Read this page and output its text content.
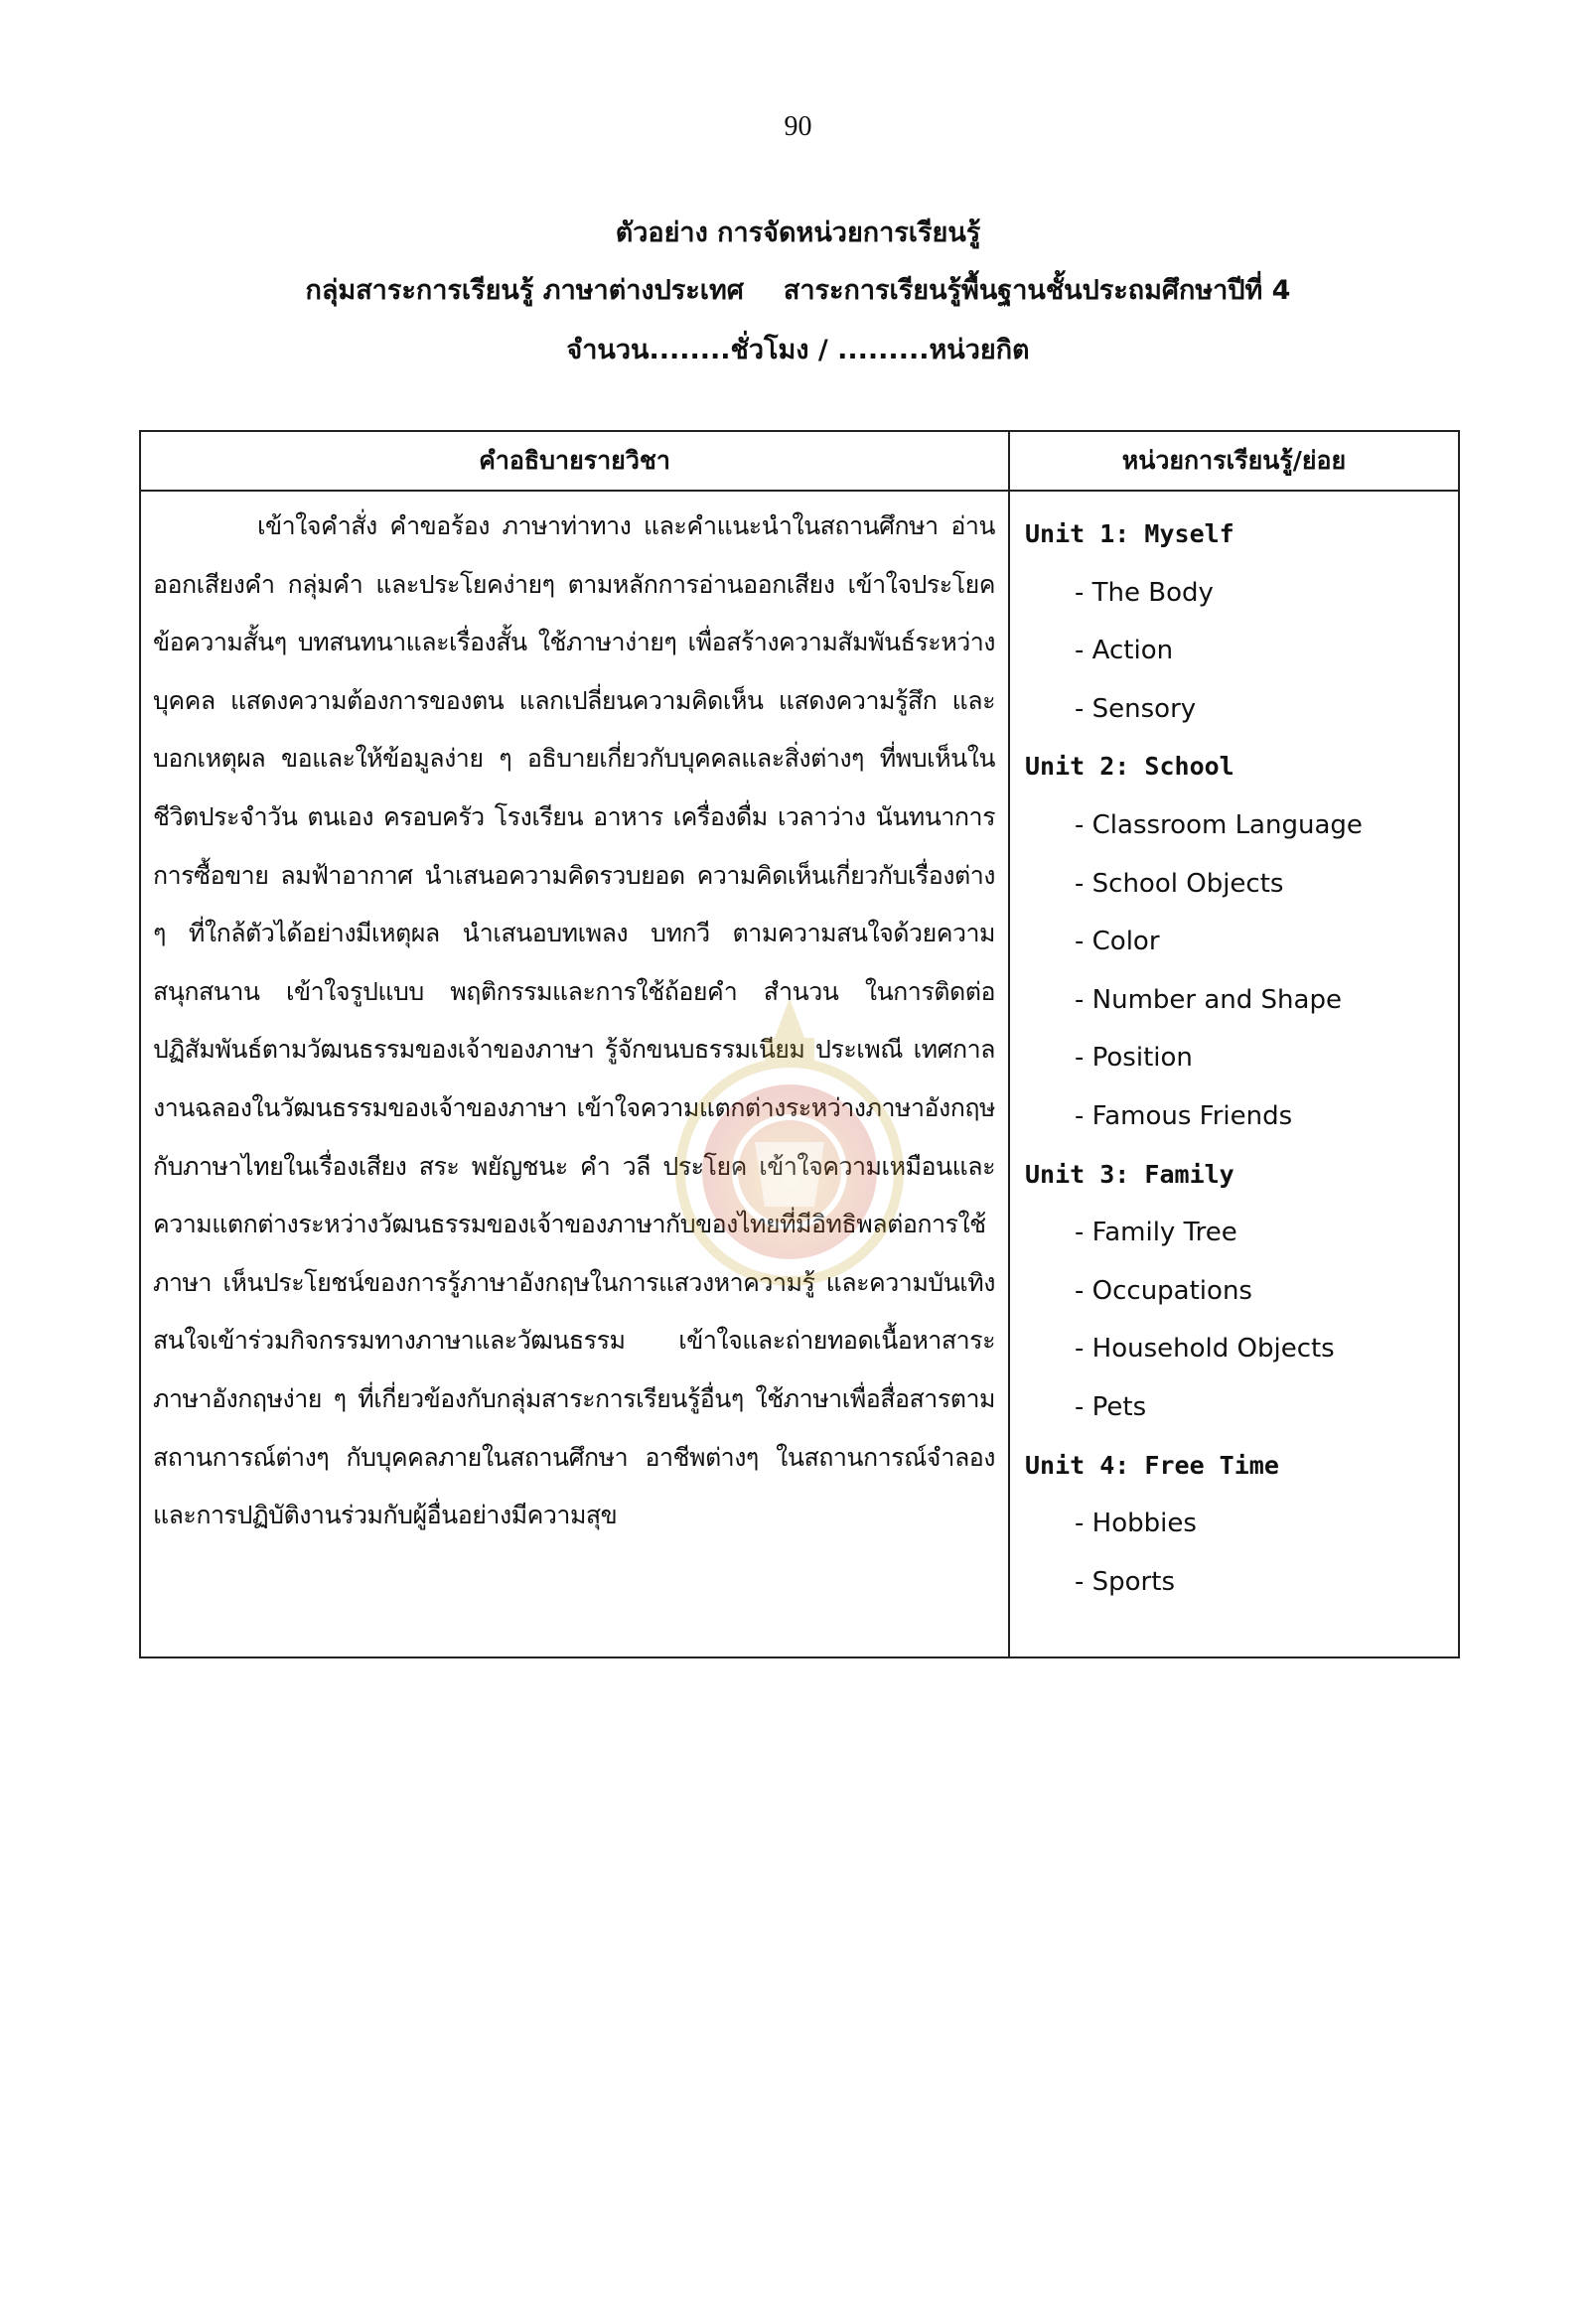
90
ตัวอย่าง การจัดหน่วยการเรียนรู้
กลุ่มสาระการเรียนรู้ ภาษาต่างประเทศ สาระการเรียนรู้พื้นฐานชั้นประถมศึกษาปีที่ 4
จำนวน........ชั่วโมง / .........หน่วยกิต
คำอธิบายรายวิชา	หน่วยการเรียนรู้/ย่อย
เข้าใจคำสั่ง คำขอร้อง ภาษาท่าทาง และคำแนะนำในสถานศึกษา อ่านออกเสียงคำ กลุ่มคำ และประโยคง่ายๆ ตามหลักการอ่านออกเสียง เข้าใจประโยค ข้อความสั้นๆ บทสนทนาและเรื่องสั้น ใช้ภาษาง่ายๆ เพื่อสร้างความสัมพันธ์ระหว่างบุคคล แสดงความต้องการของตน แลกเปลี่ยนความคิดเห็น แสดงความรู้สึก และบอกเหตุผล ขอและให้ข้อมูลง่าย ๆ อธิบายเกี่ยวกับบุคคลและสิ่งต่างๆ ที่พบเห็นในชีวิตประจำวัน ตนเอง ครอบครัว โรงเรียน อาหาร เครื่องดื่ม เวลาว่าง นันทนาการ การซื้อขาย ลมฟ้าอากาศ นำเสนอความคิดรวบยอด ความคิดเห็นเกี่ยวกับเรื่องต่าง ๆ ที่ใกล้ตัวได้อย่างมีเหตุผล นำเสนอบทเพลง บทกวี ตามความสนใจด้วยความสนุกสนาน เข้าใจรูปแบบ พฤติกรรมและการใช้ถ้อยคำ สำนวน ในการติดต่อปฏิสัมพันธ์ตามวัฒนธรรมของเจ้าของภาษา รู้จักขนบธรรมเนียม ประเพณี เทศกาล งานฉลองในวัฒนธรรมของเจ้าของภาษา เข้าใจความแตกต่างระหว่างภาษาอังกฤษกับภาษาไทยในเรื่องเสียง สระ พยัญชนะ คำ วลี ประโยค เข้าใจความเหมือนและความแตกต่างระหว่างวัฒนธรรมของเจ้าของภาษากับของไทยที่มีอิทธิพลต่อการใช้ภาษา เห็นประโยชน์ของการรู้ภาษาอังกฤษในการแสวงหาความรู้ และความบันเทิง สนใจเข้าร่วมกิจกรรมทางภาษาและวัฒนธรรม เข้าใจและถ่ายทอดเนื้อหาสาระภาษาอังกฤษง่าย ๆ ที่เกี่ยวข้องกับกลุ่มสาระการเรียนรู้อื่นๆ ใช้ภาษาเพื่อสื่อสารตามสถานการณ์ต่างๆ กับบุคคลภายในสถานศึกษา อาชีพต่างๆ ในสถานการณ์จำลอง และการปฏิบัติงานร่วมกับผู้อื่นอย่างมีความสุข
Unit 1: Myself
- The Body
- Action
- Sensory
Unit 2: School
- Classroom Language
- School Objects
- Color
- Number and Shape
- Position
- Famous Friends
Unit 3: Family
- Family Tree
- Occupations
- Household Objects
- Pets
Unit 4: Free Time
- Hobbies
- Sports
